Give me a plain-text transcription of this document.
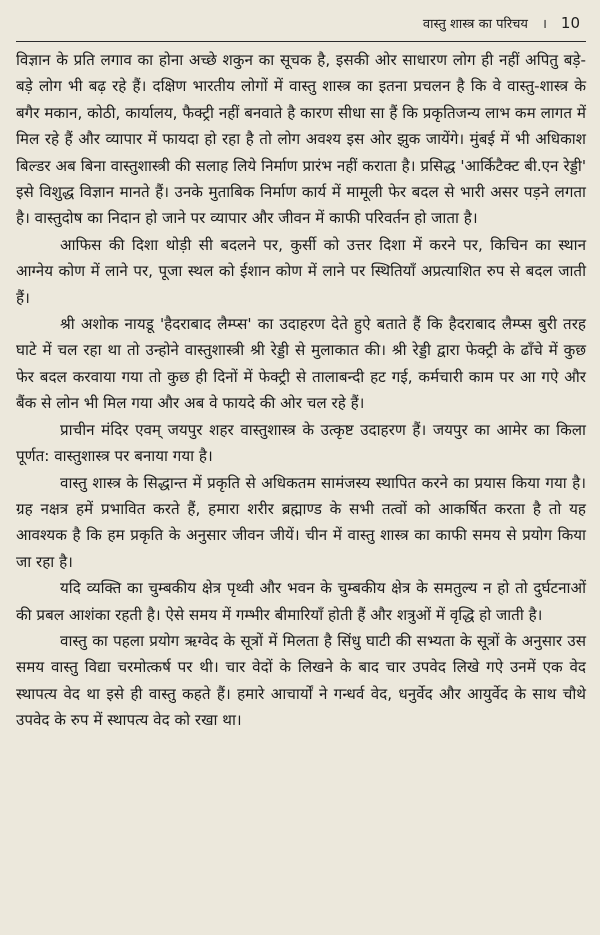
वास्तु शास्त्र का परिचय । 10

विज्ञान के प्रति लगाव का होना अच्छे शकुन का सूचक है, इसकी ओर साधारण लोग ही नहीं अपितु बड़े-बड़े लोग भी बढ़ रहे हैं। दक्षिण भारतीय लोगों में वास्तु शास्त्र का इतना प्रचलन है कि वे वास्तु-शास्त्र के बगैर मकान, कोठी, कार्यालय, फैक्ट्री नहीं बनवाते है कारण सीधा सा हैं कि प्रकृतिजन्य लाभ कम लागत में मिल रहे हैं और व्यापार में फायदा हो रहा है तो लोग अवश्य इस ओर झुक जायेंगे। मुंबई में भी अधिकाश बिल्डर अब बिना वास्तुशास्त्री की सलाह लिये निर्माण प्रारंभ नहीं कराता है। प्रसिद्ध 'आर्किटैक्ट बी.एन रेड्डी' इसे विशुद्ध विज्ञान मानते हैं। उनके मुताबिक निर्माण कार्य में मामूली फेर बदल से भारी असर पड़ने लगता है। वास्तुदोष का निदान हो जाने पर व्यापार और जीवन में काफी परिवर्तन हो जाता है।

आफिस की दिशा थोड़ी सी बदलने पर, कुर्सी को उत्तर दिशा में करने पर, किचिन का स्थान आग्नेय कोण में लाने पर, पूजा स्थल को ईशान कोण में लाने पर स्थितियाँ अप्रत्याशित रुप से बदल जाती हैं।

श्री अशोक नायडू 'हैदराबाद लैम्प्स' का उदाहरण देते हुऐ बताते हैं कि हैदराबाद लैम्प्स बुरी तरह घाटे में चल रहा था तो उन्होने वास्तुशास्त्री श्री रेड्डी से मुलाकात की। श्री रेड्डी द्वारा फेक्ट्री के ढाँचे में कुछ फेर बदल करवाया गया तो कुछ ही दिनों में फेक्ट्री से तालाबन्दी हट गई, कर्मचारी काम पर आ गऐ और बैंक से लोन भी मिल गया और अब वे फायदे की ओर चल रहे हैं।

प्राचीन मंदिर एवम् जयपुर शहर वास्तुशास्त्र के उत्कृष्ट उदाहरण हैं। जयपुर का आमेर का किला पूर्णत: वास्तुशास्त्र पर बनाया गया है।

वास्तु शास्त्र के सिद्धान्त में प्रकृति से अधिकतम सामंजस्य स्थापित करने का प्रयास किया गया है। ग्रह नक्षत्र हमें प्रभावित करते हैं, हमारा शरीर ब्रह्माण्ड के सभी तत्वों को आकर्षित करता है तो यह आवश्यक है कि हम प्रकृति के अनुसार जीवन जीयें। चीन में वास्तु शास्त्र का काफी समय से प्रयोग किया जा रहा है।

यदि व्यक्ति का चुम्बकीय क्षेत्र पृथ्वी और भवन के चुम्बकीय क्षेत्र के समतुल्य न हो तो दुर्घटनाओं की प्रबल आशंका रहती है। ऐसे समय में गम्भीर बीमारियाँ होती हैं और शत्रुओं में वृद्धि हो जाती है।

वास्तु का पहला प्रयोग ऋग्वेद के सूत्रों में मिलता है सिंधु घाटी की सभ्यता के सूत्रों के अनुसार उस समय वास्तु विद्या चरमोत्कर्ष पर थी। चार वेदों के लिखने के बाद चार उपवेद लिखे गऐ उनमें एक वेद स्थापत्य वेद था इसे ही वास्तु कहते हैं। हमारे आचार्यों ने गन्धर्व वेद, धनुर्वेद और आयुर्वेद के साथ चौथे उपवेद के रुप में स्थापत्य वेद को रखा था।
